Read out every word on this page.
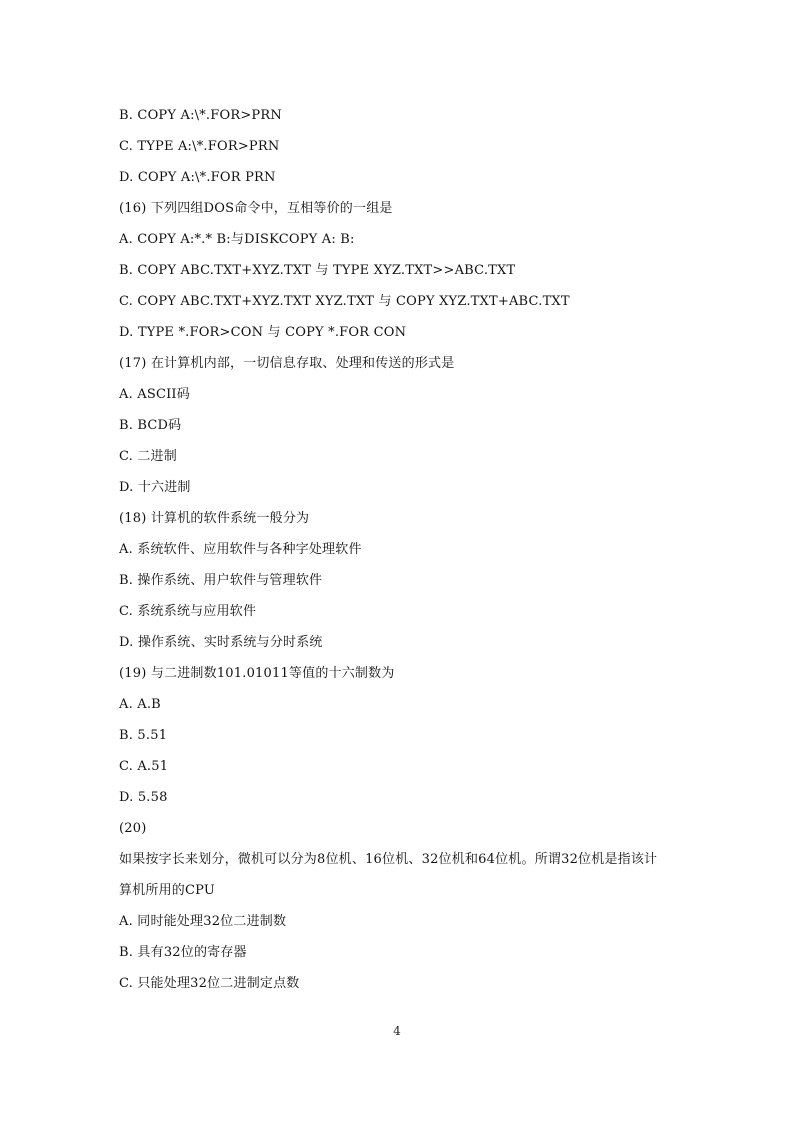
B. COPY A:\*.FOR>PRN
C. TYPE A:\*.FOR>PRN
D. COPY A:\*.FOR PRN
(16) 下列四组DOS命令中，互相等价的一组是
A. COPY A:*.* B:与DISKCOPY A: B:
B. COPY ABC.TXT+XYZ.TXT 与 TYPE XYZ.TXT>>ABC.TXT
C. COPY ABC.TXT+XYZ.TXT XYZ.TXT 与 COPY XYZ.TXT+ABC.TXT
D. TYPE *.FOR>CON 与 COPY *.FOR CON
(17) 在计算机内部，一切信息存取、处理和传送的形式是
A. ASCII码
B. BCD码
C. 二进制
D. 十六进制
(18) 计算机的软件系统一般分为
A. 系统软件、应用软件与各种字处理软件
B. 操作系统、用户软件与管理软件
C. 系统系统与应用软件
D. 操作系统、实时系统与分时系统
(19) 与二进制数101.01011等值的十六制数为
A. A.B
B. 5.51
C. A.51
D. 5.58
(20)
如果按字长来划分，微机可以分为8位机、16位机、32位机和64位机。所谓32位机是指该计
算机所用的CPU
A. 同时能处理32位二进制数
B. 具有32位的寄存器
C. 只能处理32位二进制定点数
4
